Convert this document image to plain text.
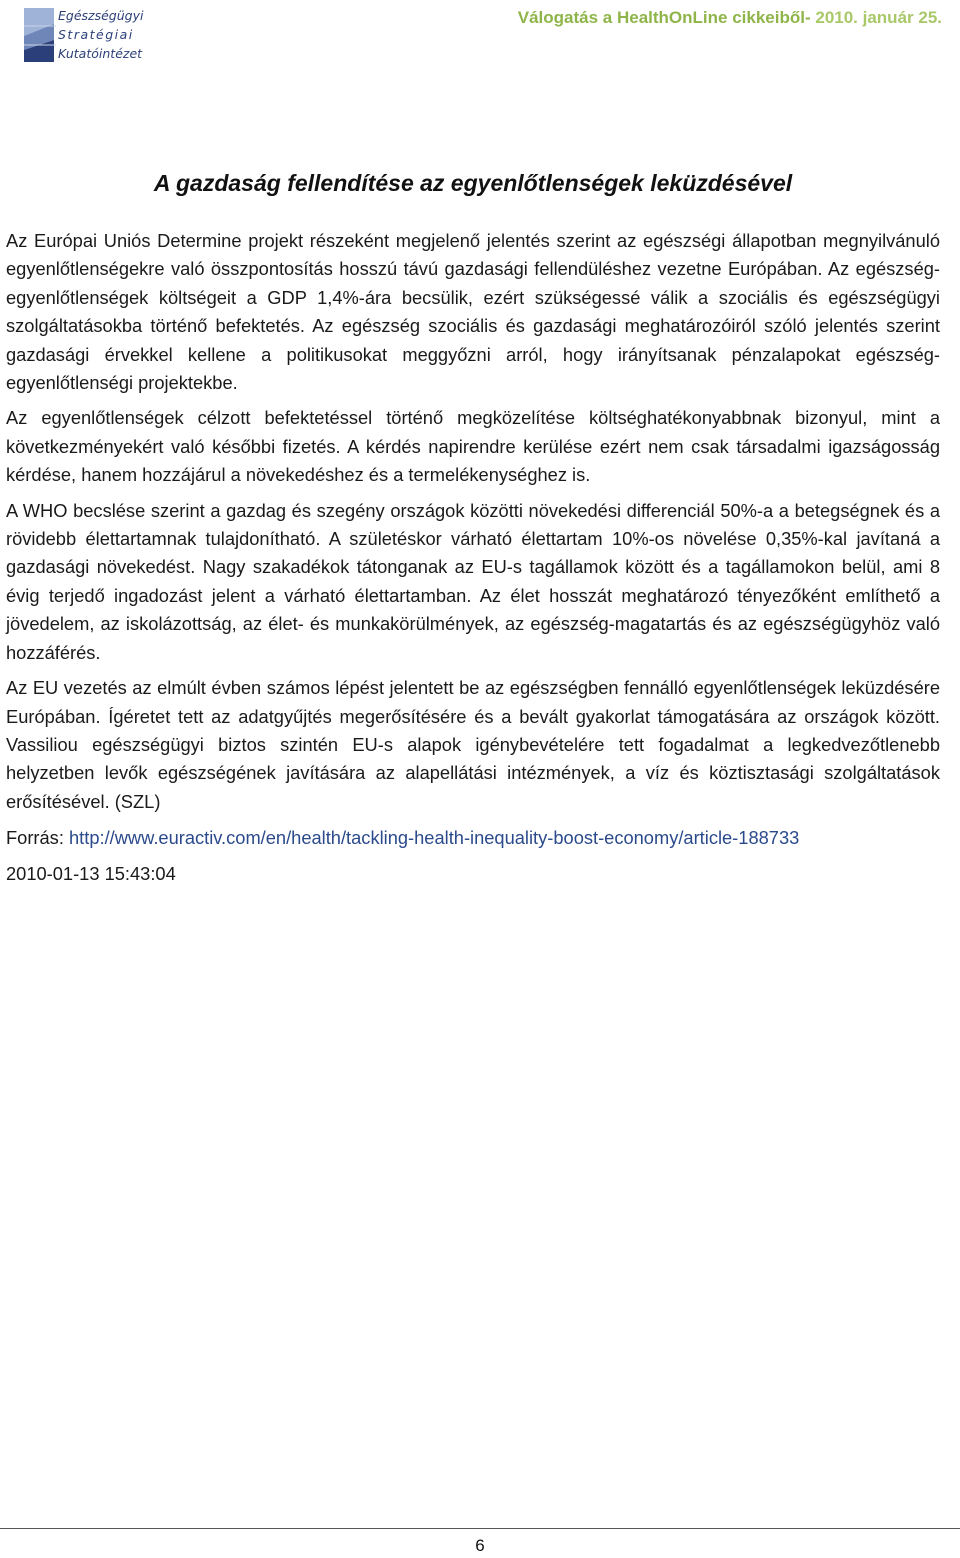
Egészségügyi
Stratégiai
Kutatóintézet
Válogatás a HealthOnLine cikkeiből- 2010. január 25.
A gazdaság fellendítése az egyenlőtlenségek leküzdésével

Az Európai Uniós Determine projekt részeként megjelenő jelentés szerint az egészségi állapotban megnyilvánuló egyenlőtlenségekre való összpontosítás hosszú távú gazdasági fellendüléshez vezetne Európában. Az egészség-egyenlőtlenségek költségeit a GDP 1,4%-ára becsülik, ezért szükségessé válik a szociális és egészségügyi szolgáltatásokba történő befektetés. Az egészség szociális és gazdasági meghatározóiról szóló jelentés szerint gazdasági érvekkel kellene a politikusokat meggyőzni arról, hogy irányítsanak pénzalapokat egészség-egyenlőtlenségi projektekbe.

Az egyenlőtlenségek célzott befektetéssel történő megközelítése költséghatékonyabbnak bizonyul, mint a következményekért való későbbi fizetés. A kérdés napirendre kerülése ezért nem csak társadalmi igazságosság kérdése, hanem hozzájárul a növekedéshez és a termelékenységhez is.

A WHO becslése szerint a gazdag és szegény országok közötti növekedési differenciál 50%-a a betegségnek és a rövidebb élettartamnak tulajdonítható. A születéskor várható élettartam 10%-os növelése 0,35%-kal javítaná a gazdasági növekedést. Nagy szakadékok tátonganak az EU-s tagállamok között és a tagállamokon belül, ami 8 évig terjedő ingadozást jelent a várható élettartamban. Az élet hosszát meghatározó tényezőként említhető a jövedelem, az iskolázottság, az élet- és munkakörülmények, az egészség-magatartás és az egészségügyhöz való hozzáférés.

Az EU vezetés az elmúlt évben számos lépést jelentett be az egészségben fennálló egyenlőtlenségek leküzdésére Európában. Ígéretet tett az adatgyűjtés megerősítésére és a bevált gyakorlat támogatására az országok között. Vassiliou egészségügyi biztos szintén EU-s alapok igénybevételére tett fogadalmat a legkedvezőtlenebb helyzetben levők egészségének javítására az alapellátási intézmények, a víz és köztisztasági szolgáltatások erősítésével. (SZL)

Forrás: http://www.euractiv.com/en/health/tackling-health-inequality-boost-economy/article-188733

2010-01-13 15:43:04

6
